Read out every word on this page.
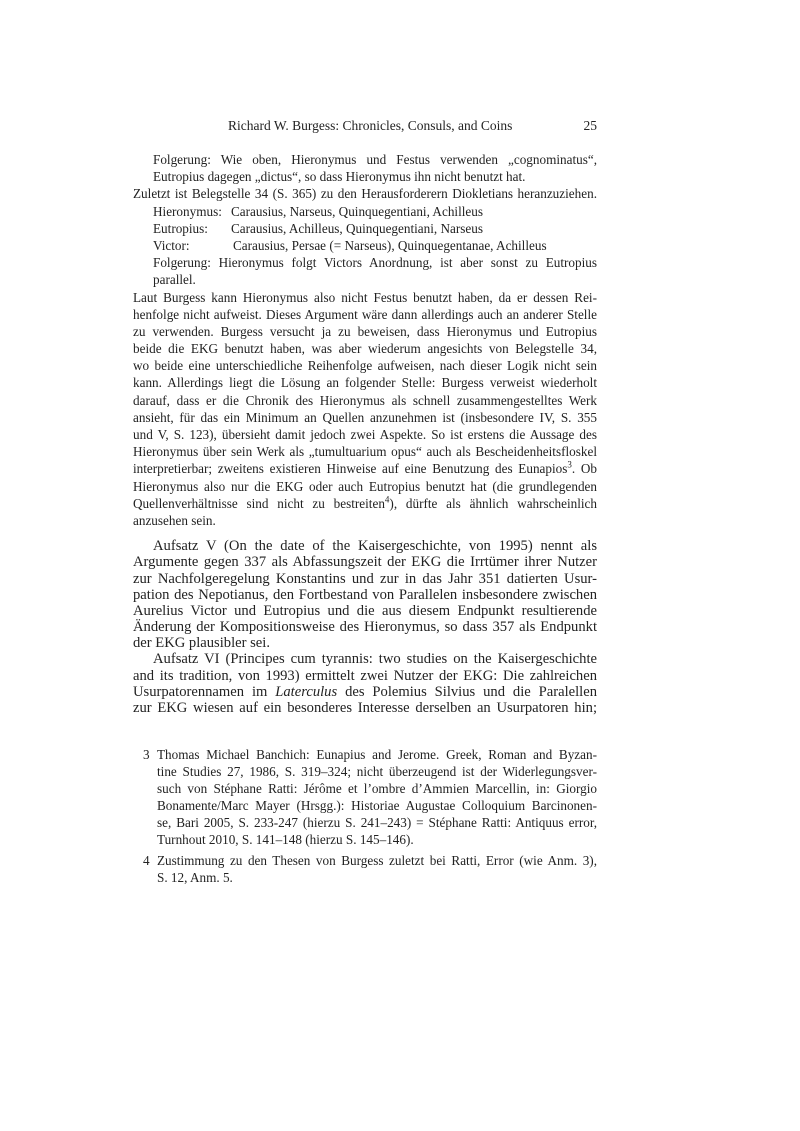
Richard W. Burgess: Chronicles, Consuls, and Coins	25
Folgerung: Wie oben, Hieronymus und Festus verwenden „cognominatus“,
Eutropius dagegen „dictus“, so dass Hieronymus ihn nicht benutzt hat.
Zuletzt ist Belegstelle 34 (S. 365) zu den Herausforderern Diokletians heranzuziehen.
Hieronymus: Carausius, Narseus, Quinquegentiani, Achilleus
Eutropius:	Carausius, Achilleus, Quinquegentiani, Narseus
Victor:	Carausius, Persae (= Narseus), Quinquegentanae, Achilleus
Folgerung: Hieronymus folgt Victors Anordnung, ist aber sonst zu Eutropius
parallel.
Laut Burgess kann Hieronymus also nicht Festus benutzt haben, da er dessen Rei-
henfolge nicht aufweist. Dieses Argument wäre dann allerdings auch an anderer Stelle
zu verwenden. Burgess versucht ja zu beweisen, dass Hieronymus und Eutropius
beide die EKG benutzt haben, was aber wiederum angesichts von Belegstelle 34,
wo beide eine unterschiedliche Reihenfolge aufweisen, nach dieser Logik nicht sein
kann. Allerdings liegt die Lösung an folgender Stelle: Burgess verweist wiederholt
darauf, dass er die Chronik des Hieronymus als schnell zusammengestelltes Werk
ansieht, für das ein Minimum an Quellen anzunehmen ist (insbesondere IV, S. 355
und V, S. 123), übersieht damit jedoch zwei Aspekte. So ist erstens die Aussage des
Hieronymus über sein Werk als „tumultuarium opus“ auch als Bescheidenheitsfloskel
interpretierbar; zweitens existieren Hinweise auf eine Benutzung des Eunapios$^3$. Ob
Hieronymus also nur die EKG oder auch Eutropius benutzt hat (die grundlegenden
Quellenverhältnisse sind nicht zu bestreiten$^4$), dürfte als ähnlich wahrscheinlich
anzusehen sein.
Aufsatz V (On the date of the Kaisergeschichte, von 1995) nennt als
Argumente gegen 337 als Abfassungszeit der EKG die Irrtümer ihrer Nutzer
zur Nachfolgeregelung Konstantins und zur in das Jahr 351 datierten Usur-
pation des Nepotianus, den Fortbestand von Parallelen insbesondere zwischen
Aurelius Victor und Eutropius und die aus diesem Endpunkt resultierende
Änderung der Kompositionsweise des Hieronymus, so dass 357 als Endpunkt
der EKG plausibler sei.
Aufsatz VI (Principes cum tyrannis: two studies on the Kaisergeschichte
and its tradition, von 1993) ermittelt zwei Nutzer der EKG: Die zahlreichen
Usurpatorennamen im Laterculus des Polemius Silvius und die Paralellen
zur EKG wiesen auf ein besonderes Interesse derselben an Usurpatoren hin;
3 Thomas Michael Banchich: Eunapius and Jerome. Greek, Roman and Byzan-
tine Studies 27, 1986, S. 319–324; nicht überzeugend ist der Widerlegungsver-
such von Stéphane Ratti: Jérôme et l’ombre d’Ammien Marcellin, in: Giorgio
Bonamente/Marc Mayer (Hrsgg.): Historiae Augustae Colloquium Barcinonen-
se, Bari 2005, S. 233-247 (hierzu S. 241–243) = Stéphane Ratti: Antiquus error,
Turnhout 2010, S. 141–148 (hierzu S. 145–146).
4 Zustimmung zu den Thesen von Burgess zuletzt bei Ratti, Error (wie Anm. 3),
S. 12, Anm. 5.
